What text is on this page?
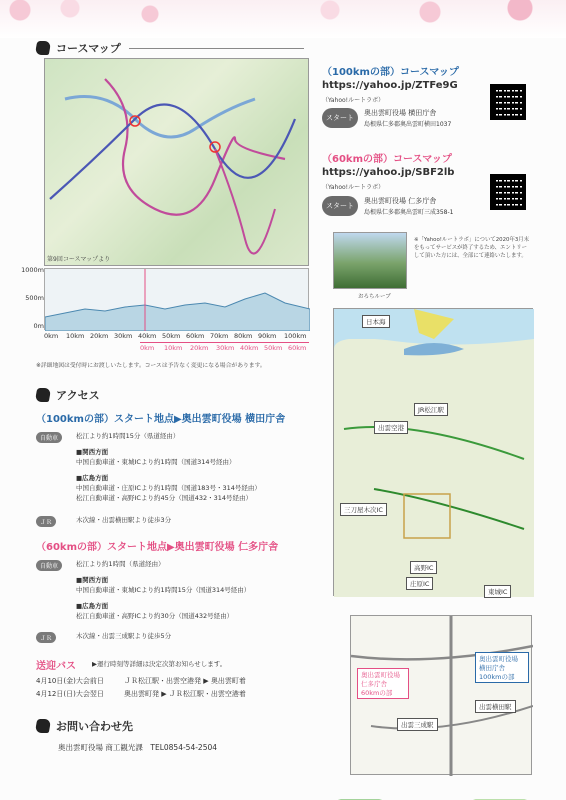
コースマップ
第9回コースマップより
1000m
500m
0m
0km 10km 20km 30km 40km 50km 60km 70km 80km 90km 100km
0km 10km 20km 30km 40km 50km 60km
※詳細地図は受付時にお渡しいたします。コースは予告なく変更になる場合があります。
（100kmの部）コースマップ
https://yahoo.jp/ZTFe9G
（Yahoo!ルートラボ）
スタート
奥出雲町役場 横田庁舎
島根県仁多郡奥出雲町横田1037
（60kmの部）コースマップ
https://yahoo.jp/SBF2lb
（Yahoo!ルートラボ）
スタート
奥出雲町役場 仁多庁舎
島根県仁多郡奥出雲町三成358-1
おろちループ
※「Yahoo!ルートラボ」について2020年3月末をもってサービスが終了するため、エントリーして頂いた方には、全部にて連絡いたします。
アクセス
（100kmの部）スタート地点▶奥出雲町役場 横田庁舎
自動車	松江より約1時間15分（県道経由）
■関西方面
中国自動車道・東城ICより約1時間（国道314号経由）
■広島方面
中国自動車道・庄原ICより約1時間（国道183号・314号経由）
松江自動車道・高野ICより約45分（国道432・314号経由）
ＪＲ	木次線・出雲横田駅より徒歩3分
（60kmの部）スタート地点▶奥出雲町役場 仁多庁舎
自動車	松江より約1時間（県道経由）
■関西方面
中国自動車道・東城ICより約1時間15分（国道314号経由）
■広島方面
松江自動車道・高野ICより約30分（国道432号経由）
ＪＲ	木次線・出雲三成駅より徒歩5分
送迎バス ▶運行時刻等詳細は決定次第お知らせします。
4月10日(金)大会前日	ＪＲ松江駅・出雲空港発 ▶ 奥出雲町着
4月12日(日)大会翌日	奥出雲町発 ▶ ＪＲ松江駅・出雲空港着
お問い合わせ先
奥出雲町役場 商工観光課　TEL0854-54-2504
日本海
JR松江駅
出雲空港
三刀屋木次IC
高野IC
庄原IC
東城IC
奥出雲町役場 仁多庁舎 60kmの部
奥出雲町役場 横田庁舎 100kmの部
出雲横田駅
出雲三成駅
